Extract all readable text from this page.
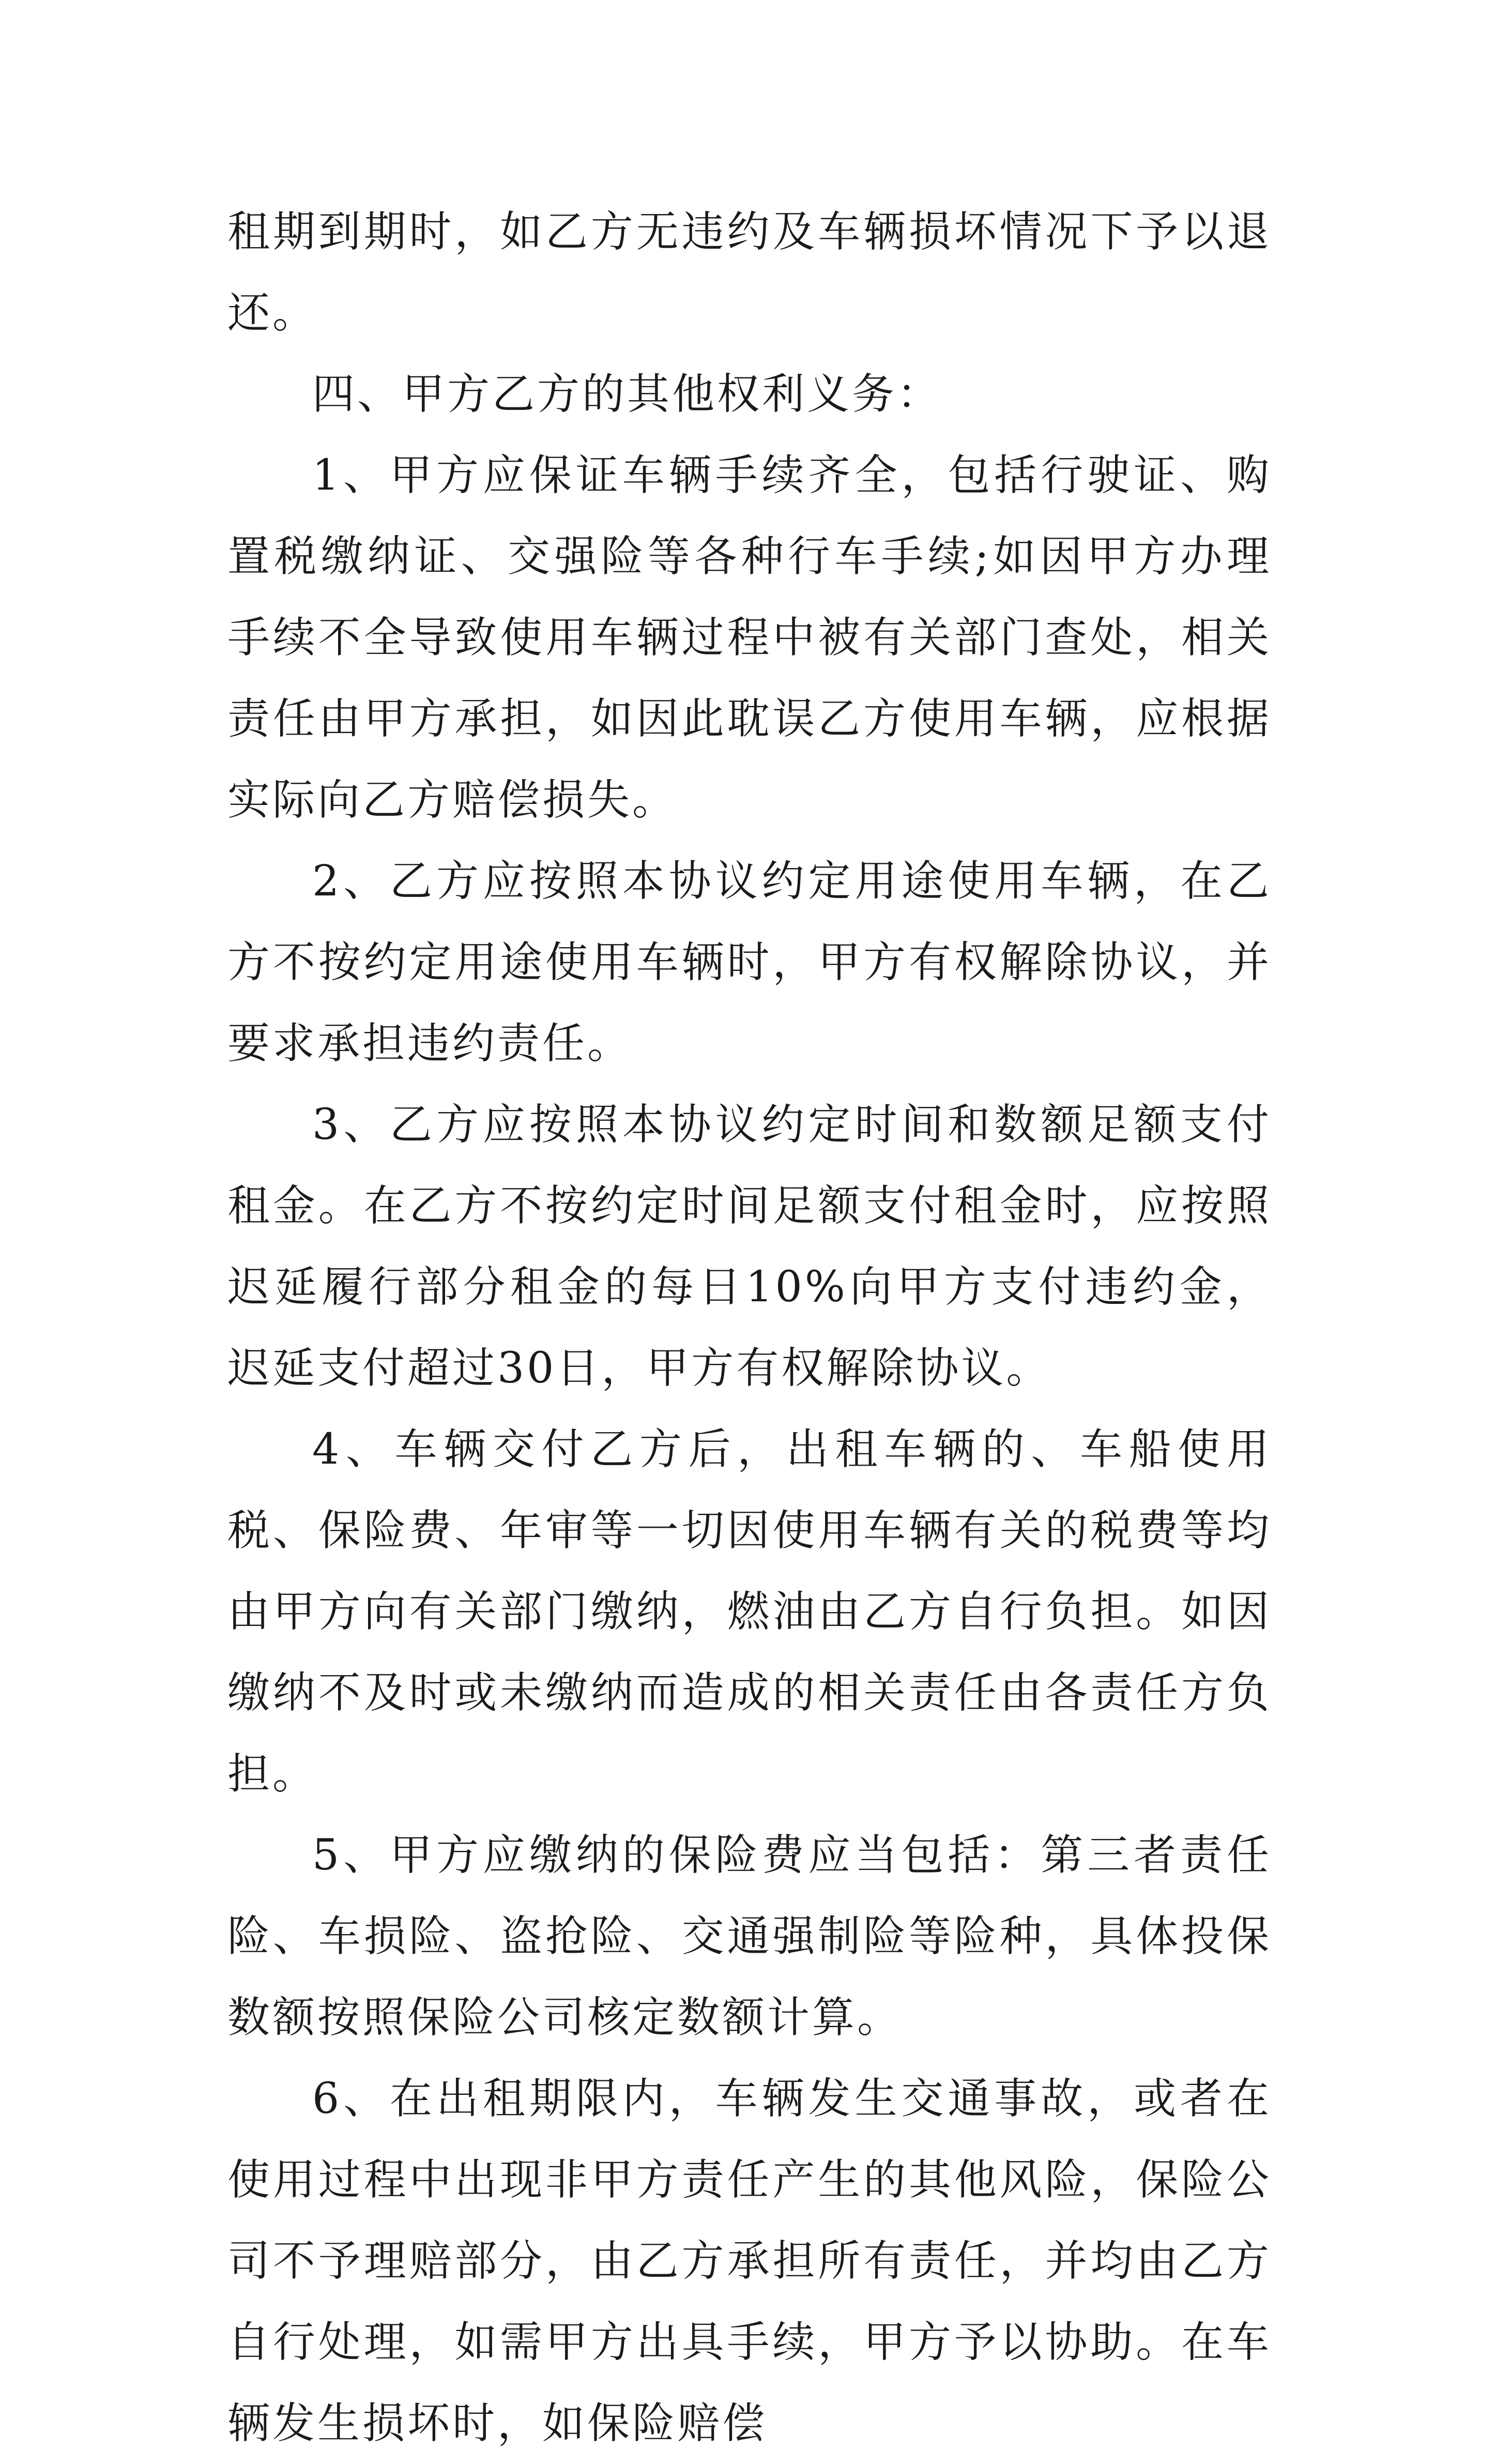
租期到期时，如乙方无违约及车辆损坏情况下予以退还。

四、甲方乙方的其他权利义务：

1、甲方应保证车辆手续齐全，包括行驶证、购置税缴纳证、交强险等各种行车手续;如因甲方办理手续不全导致使用车辆过程中被有关部门查处，相关责任由甲方承担，如因此耽误乙方使用车辆，应根据实际向乙方赔偿损失。

2、乙方应按照本协议约定用途使用车辆，在乙方不按约定用途使用车辆时，甲方有权解除协议，并要求承担违约责任。

3、乙方应按照本协议约定时间和数额足额支付租金。在乙方不按约定时间足额支付租金时，应按照迟延履行部分租金的每日10%向甲方支付违约金，迟延支付超过30日，甲方有权解除协议。

4、车辆交付乙方后，出租车辆的、车船使用税、保险费、年审等一切因使用车辆有关的税费等均由甲方向有关部门缴纳，燃油由乙方自行负担。如因缴纳不及时或未缴纳而造成的相关责任由各责任方负担。

5、甲方应缴纳的保险费应当包括：第三者责任险、车损险、盗抢险、交通强制险等险种，具体投保数额按照保险公司核定数额计算。

6、在出租期限内，车辆发生交通事故，或者在使用过程中出现非甲方责任产生的其他风险，保险公司不予理赔部分，由乙方承担所有责任，并均由乙方自行处理，如需甲方出具手续，甲方予以协助。在车辆发生损坏时，如保险赔偿
